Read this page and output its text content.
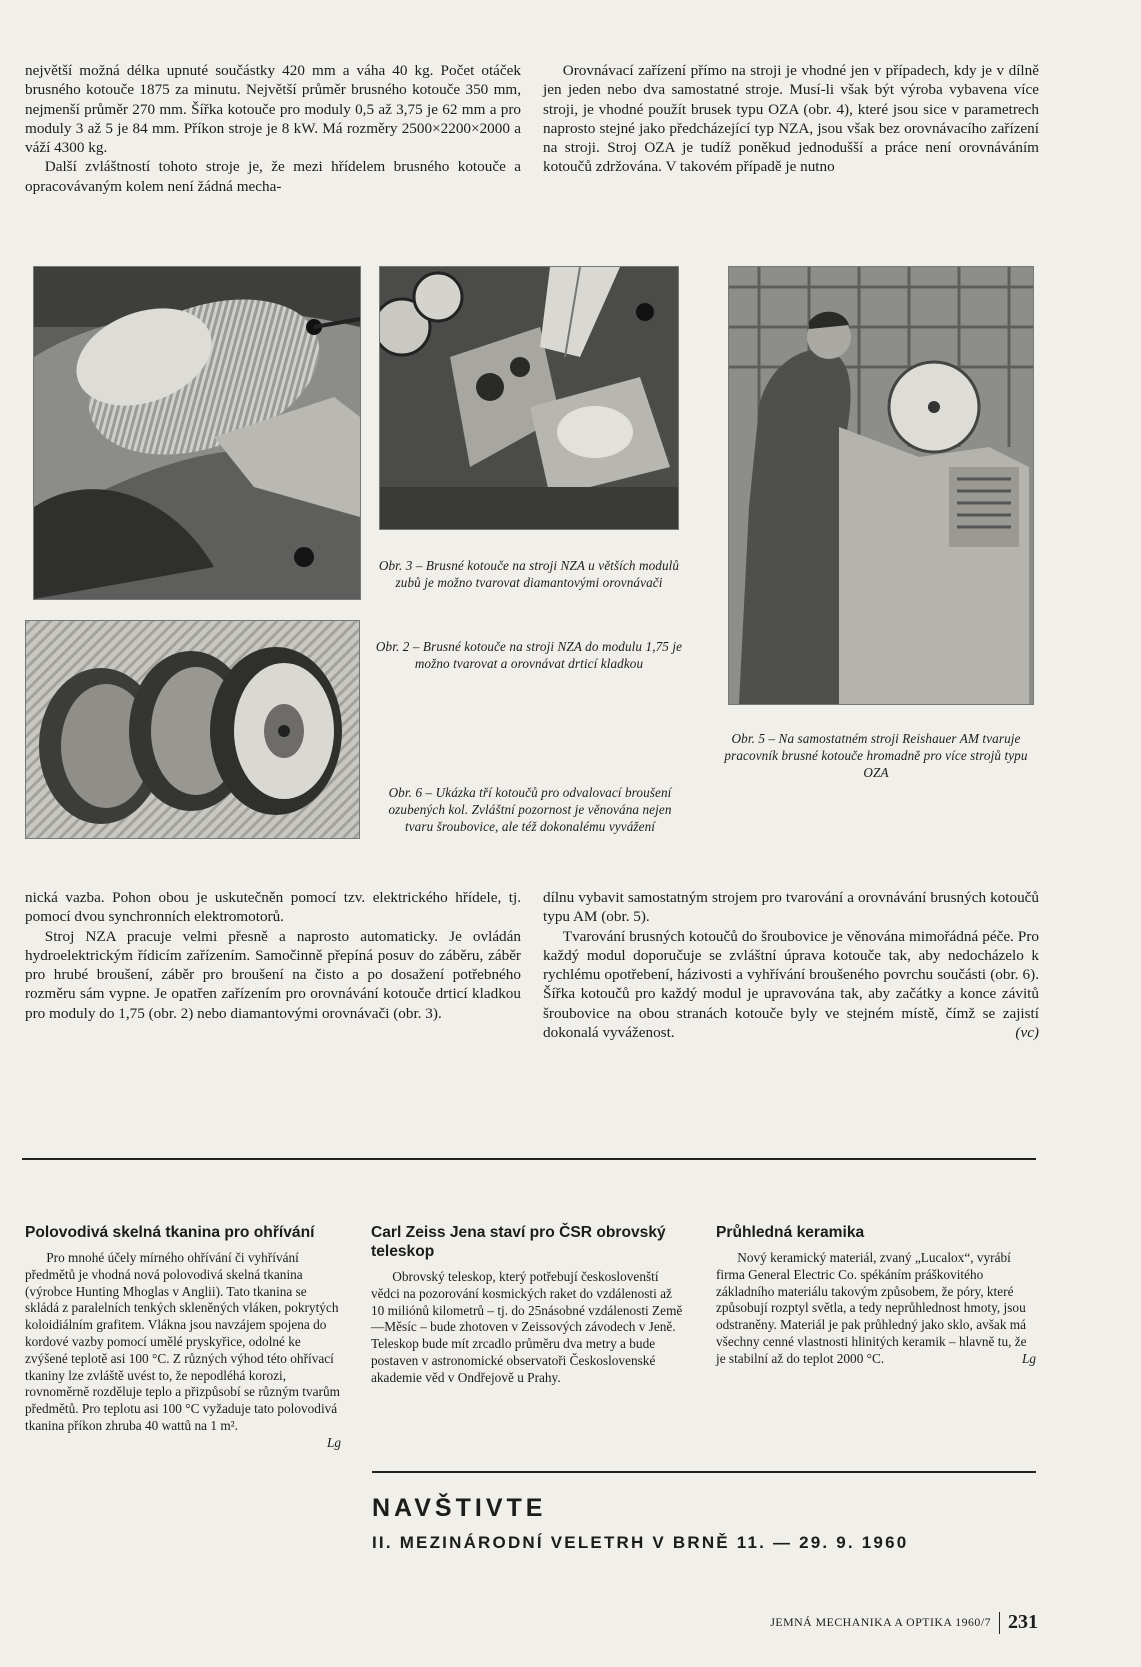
největší možná délka upnuté součástky 420 mm a váha 40 kg. Počet otáček brusného kotouče 1875 za minutu. Největší průměr brusného kotouče 350 mm, nejmenší průměr 270 mm. Šířka kotouče pro moduly 0,5 až 3,75 je 62 mm a pro moduly 3 až 5 je 84 mm. Příkon stroje je 8 kW. Má rozměry 2500×2200×2000 a váží 4300 kg.

Další zvláštností tohoto stroje je, že mezi hřídelem brusného kotouče a opracovávaným kolem není žádná mecha-

Orovnávací zařízení přímo na stroji je vhodné jen v případech, kdy je v dílně jen jeden nebo dva samostatné stroje. Musí-li však být výroba vybavena více stroji, je vhodné použít brusek typu OZA (obr. 4), které jsou sice v parametrech naprosto stejné jako předcházející typ NZA, jsou však bez orovnávacího zařízení na stroji. Stroj OZA je tudíž poněkud jednodušší a práce není orovnáváním kotoučů zdržována. V takovém případě je nutno

Obr. 3 – Brusné kotouče na stroji NZA u větších modulů zubů je možno tvarovat diamantovými orovnávači
Obr. 2 – Brusné kotouče na stroji NZA do modulu 1,75 je možno tvarovat a orovnávat drticí kladkou
Obr. 5 – Na samostatném stroji Reishauer AM tvaruje pracovník brusné kotouče hromadně pro více strojů typu OZA
Obr. 6 – Ukázka tří kotoučů pro odvalovací broušení ozubených kol. Zvláštní pozornost je věnována nejen tvaru šroubovice, ale též dokonalému vyvážení

nická vazba. Pohon obou je uskutečněn pomocí tzv. elektrického hřídele, tj. pomocí dvou synchronních elektromotorů.

Stroj NZA pracuje velmi přesně a naprosto automaticky. Je ovládán hydroelektrickým řídicím zařízením. Samočinně přepíná posuv do záběru, záběr pro hrubé broušení, záběr pro broušení na čisto a po dosažení potřebného rozměru sám vypne. Je opatřen zařízením pro orovnávání kotouče drticí kladkou pro moduly do 1,75 (obr. 2) nebo diamantovými orovnávači (obr. 3).

dílnu vybavit samostatným strojem pro tvarování a orovnávání brusných kotoučů typu AM (obr. 5).

Tvarování brusných kotoučů do šroubovice je věnována mimořádná péče. Pro každý modul doporučuje se zvláštní úprava kotouče tak, aby nedocházelo k rychlému opotřebení, házivosti a vyhřívání broušeného povrchu součásti (obr. 6). Šířka kotoučů pro každý modul je upravována tak, aby začátky a konce závitů šroubovice na obou stranách kotouče byly ve stejném místě, čímž se zajistí dokonalá vyváženost.	(vc)

Polovodivá skelná tkanina pro ohřívání

Pro mnohé účely mírného ohřívání či vyhřívání předmětů je vhodná nová polovodivá skelná tkanina (výrobce Hunting Mhoglas v Anglii). Tato tkanina se skládá z paralelních tenkých skleněných vláken, pokrytých koloidiálním grafitem. Vlákna jsou navzájem spojena do kordové vazby pomocí umělé pryskyřice, odolné ke zvýšené teplotě asi 100 °C. Z různých výhod této ohřívací tkaniny lze zvláště uvést to, že nepodléhá korozi, rovnoměrně rozděluje teplo a přizpůsobí se různým tvarům předmětů. Pro teplotu asi 100 °C vyžaduje tato polovodivá tkanina příkon zhruba 40 wattů na 1 m².

Lg

Carl Zeiss Jena staví pro ČSR obrovský teleskop

Obrovský teleskop, který potřebují českoslovenští vědci na pozorování kosmických raket do vzdálenosti až 10 miliónů kilometrů – tj. do 25násobné vzdálenosti Země—Měsíc – bude zhotoven v Zeissových závodech v Jeně. Teleskop bude mít zrcadlo průměru dva metry a bude postaven v astronomické observatoři Československé akademie věd v Ondřejově u Prahy.

Průhledná keramika

Nový keramický materiál, zvaný „Lucalox“, vyrábí firma General Electric Co. spékáním práškovitého základního materiálu takovým způsobem, že póry, které způsobují rozptyl světla, a tedy neprůhlednost hmoty, jsou odstraněny. Materiál je pak průhledný jako sklo, avšak má všechny cenné vlastnosti hlinitých keramik – hlavně tu, že je stabilní až do teplot 2000 °C.	Lg

NAVŠTIVTE
II. MEZINÁRODNÍ VELETRH V BRNĚ 11. — 29. 9. 1960
JEMNÁ MECHANIKA A OPTIKA 1960/7 231
